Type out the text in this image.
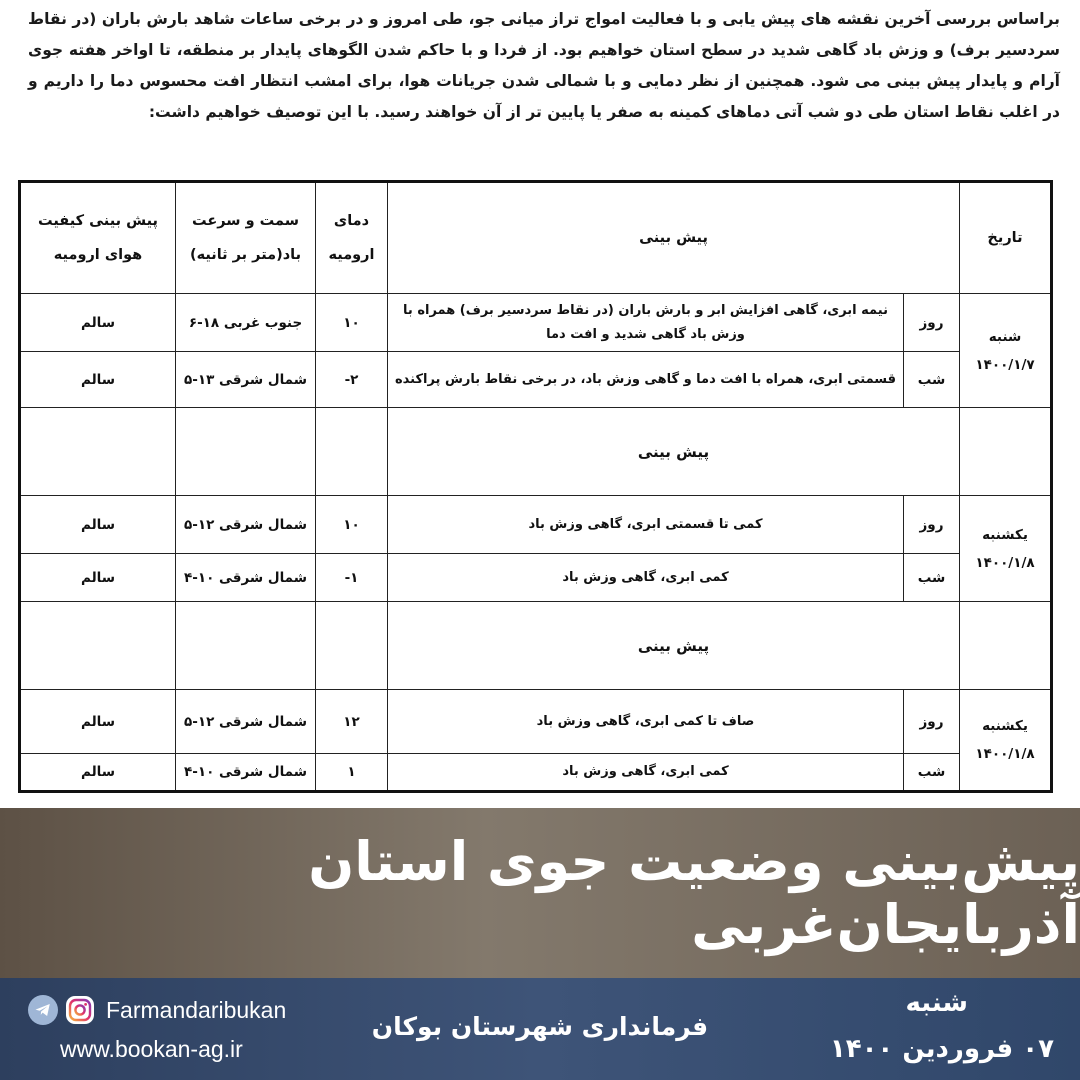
براساس بررسی آخرین نقشه های پیش یابی و با فعالیت امواج تراز میانی جو، طی امروز و در برخی ساعات شاهد بارش باران (در نقاط سردسیر برف) و وزش باد گاهی شدید در سطح استان خواهیم بود. از فردا و با حاکم شدن الگوهای پایدار بر منطقه، تا اواخر هفته جوی آرام و پایدار پیش بینی می شود. همچنین از نظر دمایی و با شمالی شدن جریانات هوا، برای امشب انتظار افت محسوس دما را داریم و در اغلب نقاط استان طی دو شب آتی دماهای کمینه به صفر یا پایین تر از آن خواهند رسید. با این توصیف خواهیم داشت:
تاریخ	پیش بینی		دمای ارومیه	سمت و سرعت باد(متر بر ثانیه)	پیش بینی کیفیت هوای ارومیه
شنبه ۱۴۰۰/۱/۷	روز	نیمه ابری، گاهی افزایش ابر و بارش باران (در نقاط سردسیر برف) همراه با وزش باد گاهی شدید و افت دما	۱۰	جنوب غربی ۱۸-۶	سالم
	شب	قسمتی ابری، همراه با افت دما و گاهی وزش باد، در برخی نقاط بارش پراکنده	۲-	شمال شرقی ۱۳-۵	سالم
	پیش بینی				
یکشنبه ۱۴۰۰/۱/۸	روز	کمی تا قسمتی ابری، گاهی وزش باد	۱۰	شمال شرقی ۱۲-۵	سالم
	شب	کمی ابری، گاهی وزش باد	۱-	شمال شرقی ۱۰-۴	سالم
	پیش بینی				
یکشنبه ۱۴۰۰/۱/۸	روز	صاف تا کمی ابری، گاهی وزش باد	۱۲	شمال شرقی ۱۲-۵	سالم
	شب	کمی ابری، گاهی وزش باد	۱	شمال شرقی ۱۰-۴	سالم
پیش‌بینی وضعیت جوی استان آذربایجان‌غربی
Farmandaribukan
www.bookan-ag.ir
فرمانداری شهرستان بوکان
شنبه
۰۷ فروردین ۱۴۰۰
